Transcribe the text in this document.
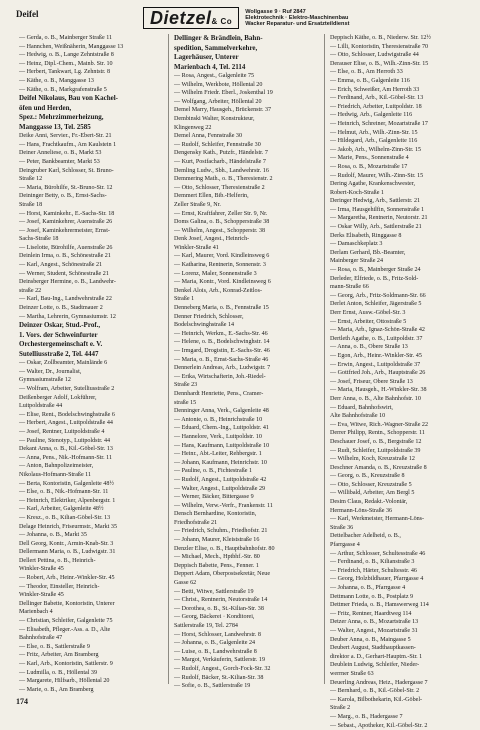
Deifel	Dietzel& Co
Wollgasse 9 · Ruf 2847
Elektrotechnik · Elektro-Maschinenbau
Wacker Reparatur- und Ersatzteildienst
— Gerda, o. B., Mainberger Straße 11
— Hannchen, Weißnäherin, Manggasse 13
— Hedwig, o. B., Lange Zehntstraße 8
— Heinz, Dipl.-Chem., Mainb. Str. 10
— Herbert, Tankwart, Lg. Zehntstr. 8
— Käthe, o. B., Manggasse 13
— Käthe, o. B., Markgrafenstraße 5
Deifel Nikolaus, Bau von Kachel-
öfen und Herden,
Spez.: Mehrzimmerheizung,
Manggasse 13, Tel. 2585
Deike Anni, Servier., Fr.-Ebert-Str. 21
— Hans, Frachtkaufm., Am Kaulstein 1
Deiner Anneliese, o. B., Markt 53
— Peter, Bankbeamter, Markt 53
Deingruber Karl, Schlosser, St. Bruno-
Straße 12
— Maria, Bürohilfe, St.-Bruno-Str. 12
Deininger Betty, o. B., Ernst-Sachs-
Straße 18
— Horst, Kaminkehr., E.-Sachs-Str. 18
— Josef, Kaminkehrer, Auenstraße 26
— Josef, Kaminkehrermeister, Ernst-
Sachs-Straße 18
— Liselotte, Bürohilfe, Auenstraße 26
Deinlein Irma, o. B., Schönestraße 21
— Karl, Angest., Schönestraße 21
— Werner, Student, Schönestraße 21
Deinsberger Hermine, o. B., Landwehr-
straße 22
— Karl, Bau-Ing., Landwehrstraße 22
Deinzer Lotte, o. B., Stadtmauer 2
— Martha, Lehrerin, Gymnasiumstr. 12
Deinzer Oskar, Stud.-Prof.,
1. Vors. der Schweinfurter
Orchestergemeinschaft e. V.
Sutelliusstraße 2, Tel. 4447
— Oskar, Zollbeamter, Mainlände 6
— Walter, Dr., Journalist,
Gymnasiumstraße 12
— Wolfram, Arbeiter, Sutelliusstraße 2
Deißenberger Adolf, Lokführer,
Luitpoldstraße 44
— Elise, Rent., Bodelschwinghstraße 6
— Herbert, Angest., Luitpoldstraße 44
— Josef, Rentner, Luitpoldstraße 4
— Pauline, Stenotyp., Luitpoldstr. 44
Dekant Anna, o. B., Kil.-Göbel-Str. 13
— Anna, Pens., Nik.-Hofmann-Str. 11
— Anton, Bahnpolizeimeister,
Nikolaus-Hofmann-Straße 11
— Berta, Kontoristin, Galgenleite 48½
— Else, o. B., Nik.-Hofmann-Str. 11
— Heinrich, Elektriker, Alpenbergstr. 1
— Karl, Arbeiter, Galgenleite 48½
— Kresz., o. B., Kilian-Göbel-Str. 13
Delage Heinrich, Friseurmstr., Markt 35
— Johanna, o. B., Markt 35
Dell Georg, Kontr., Armin-Knab-Str. 3
Dellermann Maria, o. B., Ludwigstr. 31
Dellert Pettina, o. B., Heinrich-
Winkler-Straße 45
— Robert, Arb., Heinr.-Winkler-Str. 45
— Theodor, Einsteller, Heinrich-
Winkler-Straße 45
Dellinger Babette, Kontoristin, Unterer
Marienbach 4
— Christian, Schleifer, Galgenleite 75
— Elisabeth, Pfleger.-Ass. a. D., Alte
Bahnhofstraße 47
— Else, o. B., Sattlerstraße 9
— Fritz, Arbeiter, Am Bramberg
— Karl, Arb., Kontoristin, Sattlerstr. 9
— Ludmilla, o. B., Höllental 39
— Margarete, Hilfsarb., Höllental 20
— Marie, o. B., Am Bramberg
Dellinger & Brändlein, Bahn-
spedition, Sammelverkehre,
Lagerhäuser, Unterer
Marienbach 4, Tel. 2114
— Rosa, Angest., Galgenleite 75
— Wilhelm, Werkbote, Höllental 20
— Wilhelm Friedr. Eberl., Joskenthal 19
— Wolfgang, Arbeiter, Höllental 20
Demel Marry, Hausgeh., Brückenstr. 37
Dembinski Walter, Konstrukteur,
Klingenweg 22
Demel Anna, Fennstraße 30
— Rudolf, Schleifer, Fennstraße 30
Dengensky Kath., Putzfr., Händelstr. 7
— Kurt, Postfacharb., Händelstraße 7
Demling Ludw., Sbh., Landwehrstr. 16
Demmering Math., o. B., Theresienstr. 2
— Otto, Schlosser, Theresienstraße 2
Demmert Ellen, Bib.-Helferin,
Zeller Straße 9, Nr.
— Ernst, Kraftfahrer, Zeller Str. 9, Nr.
Doms Galina, o. B., Schopperstraße 38
— Wilhelm, Angest., Schopperstr. 38
Denk Josef, Angest., Heinrich-
Winkler-Straße 41
— Karl, Maurer, Vord. Kindleinsweg 6
— Katharina, Rentnerin, Sonnenstr. 3
— Lorenz, Maler, Sonnenstraße 3
— Maria, Kontr., Vord. Kindleinsweg 6
Denkel Alois, Arb., Konrad-Zeitlos-
Straße 1
Denneberg Maria, o. B., Fennstraße 15
Denner Friedrich, Schlosser,
Bodelschwinghstraße 14
— Heinrich, Werkm., E.-Sachs-Str. 46
— Helene, o. B., Bodelschwinghstr. 14
— Irmgard, Drogistin, E.-Sachs-Str. 46
— Maria, o. B., Ernst-Sachs-Straße 46
Dennerlein Andreas, Arb., Ludwigstr. 7
— Erika, Wirtschafterin, Joh.-Riedel-
Straße 23
Dennhardt Henriette, Pens., Cramer-
straße 15
Denninger Anna, Verk., Galgenleite 48
— Antonie, o. B., Heinrichstraße 10
— Eduard, Chem.-Ing., Luitpoldstr. 41
— Hannelore, Verk., Luitpoldstr. 10
— Hans, Kaufmann, Luitpoldstraße 10
— Heinr., Abt.-Leiter, Rehbergstr. 1
— Johann, Kaufmann, Heinrichstr. 10
— Pauline, o. B., Fichtestraße 1
— Rudolf, Angest., Luitpoldstraße 42
— Walter, Angest., Luitpoldstraße 29
— Werner, Bäcker, Bittergasse 9
— Wilhelm, Verw.-Verfr., Frankenstr. 11
Densch Bernhardine, Kontoristin,
Friedhofstraße 21
— Friedrich, Schuhm., Friedhofstr. 21
— Johann, Maurer, Kleiststraße 16
Denzler Elise, o. B., Hauptbahnhofstr. 80
— Michael, Mech., Hptbhf.-Str. 80
Deppisch Babette, Pens., Fenner. 1
Deppert Adam, Oberpostsekretär, Neue
Gasse 62
— Betti, Witwe, Sattlerstraße 19
— Christ., Rentnerin, Neutorstraße 14
— Dorothea, o. B., St.-Kilian-Str. 38
— Georg, Bäckerei · Konditorei,
Sattlerstraße 19, Tel. 2784
— Horst, Schlosser, Landwehrstr. 8
— Johanna, o. B., Galgenleite 24
— Luise, o. B., Landwehrstraße 8
— Margot, Verkäuferin, Sattlerstr. 19
— Rudolf, Angest., Gorch-Fock-Str. 32
— Rudolf, Bäcker, St.-Kilian-Str. 38
— Sofie, o. B., Sattlerstraße 19
Deppisch Käthe, o. B., Niederw. Str. 12½
— Lilli, Kontoristin, Theresienstraße 70
— Otto, Schlosser, Ludwigstraße 44
Derauser Elise, o. B., Wilh.-Zinn-Str. 15
— Else, o. B., Am Herroth 33
— Emma, o. B., Galgenleite 116
— Erich, Schweißer, Am Herroth 33
— Ferdinand, Arb., Kil.-Göbel-Str. 13
— Friedrich, Arbeiter, Luitpoldstr. 18
— Hedwig, Arb., Galgenleite 116
— Heinrich, Schreiner, Mozartstraße 17
— Helmut, Arb., Wilh.-Zinn-Str. 15
— Hildegard, Arb., Galgenleite 116
— Jakob, Arb., Wilhelm-Zinn-Str. 15
— Marie, Pens., Sonnenstraße 4
— Rosa, o. B., Mozartstraße 17
— Rudolf, Maurer, Wilh.-Zinn-Str. 15
Dering Agathe, Krankenschwester,
Robert-Koch-Straße 1
Deringer Hedwig, Arb., Sattlerstr. 21
— Irma, Hausgehilfin, Sonnenstraße 1
— Margaretha, Rentnerin, Neutorstr. 21
— Oskar Willy, Arb., Sattlerstraße 21
Derks Elisabeth, Ringgasse 8
— Damaschkeplatz 3
Derlam Gerhard, Bb.-Beamter,
Mainberger Straße 24
— Rosa, o. B., Mainberger Straße 24
Derleder, Elfriede, o. B., Fritz-Sold-
mann-Straße 66
— Georg, Arb., Fritz-Soldmann-Str. 66
Derlet Anton, Schleifer, Jägerstraße 5
Derr Ernst, Ausw.-Göbel-Str. 3
— Ernst, Arbeiter, Ottostraße 5
— Maria, Arb., Ignaz-Schön-Straße 42
Dertleth Agathe, o. B., Luitpoldstr. 37
— Anna, o. B., Obere Straße 13
— Egon, Arb., Heinr.-Winkler-Str. 45
— Erwin, Angest., Luitpoldstraße 37
— Gottfried Joh., Arb., Hauptstraße 26
— Josef, Friseur, Obere Straße 13
— Maria, Hausgeh., H.-Winkler-Str. 38
Derr Anna, o. B., Alte Bahnhofstr. 10
— Eduard, Bahnhofswirt,
Alte Bahnhofstraße 10
— Eva, Witwe, Rich.-Wagner-Straße 22
Derrer Philipp, Rentn., Schopperstr. 11
Deschauer Josef, o. B., Bergstraße 12
— Rudi, Schleifer, Luitpoldstraße 39
— Wilhelm, Koch, Kreuzstraße 12
Deschner Amanda, o. B., Kreuzstraße 8
— Georg, o. B., Kreuzstraße 8
— Otto, Schlosser, Kreuzstraße 5
— Willibald, Arbeiter, Am Bergl 5
Desim Claus, Redakt.-Volontär,
Hermann-Löns-Straße 36
— Karl, Werkmeister, Hermann-Löns-
Straße 36
Dettelbacher Adelheid, o. B.,
Pfarrgasse 4
— Arthur, Schlosser, Schultesstraße 46
— Ferdinand, o. B., Kilianstraße 3
— Friedrich, Härter, Schultesstr. 46
— Georg, Holzbildhauer, Pfarrgasse 4
— Johanna, o. B., Pfarrgasse 4
Dettmann Lotte, o. B., Postplatz 9
Dettmer Frieda, o. B., Hamswerweg 114
— Fritz, Rentner, Haardtweg 114
Detzer Anna, o. B., Mozartstraße 13
— Walter, Angest., Mozartstraße 31
Deuber Anna, o. B., Maingasse 5
Deubert August, Stadthauptkassen-
direktor a. D., Gerhart-Hauptm.-Str. 1
Deublein Ludwig, Schleifer, Nieder-
werrner Straße 63
Deuerling Andreas, Heiz., Hadergasse 7
— Bernhard, o. B., Kil.-Göbel-Str. 2
— Karola, Bilbothekarin, Kil.-Göbel-
Straße 2
— Marg., o. B., Hadergasse 7
— Sebast., Apotheker, Kil.-Göbel-Str. 2
174
